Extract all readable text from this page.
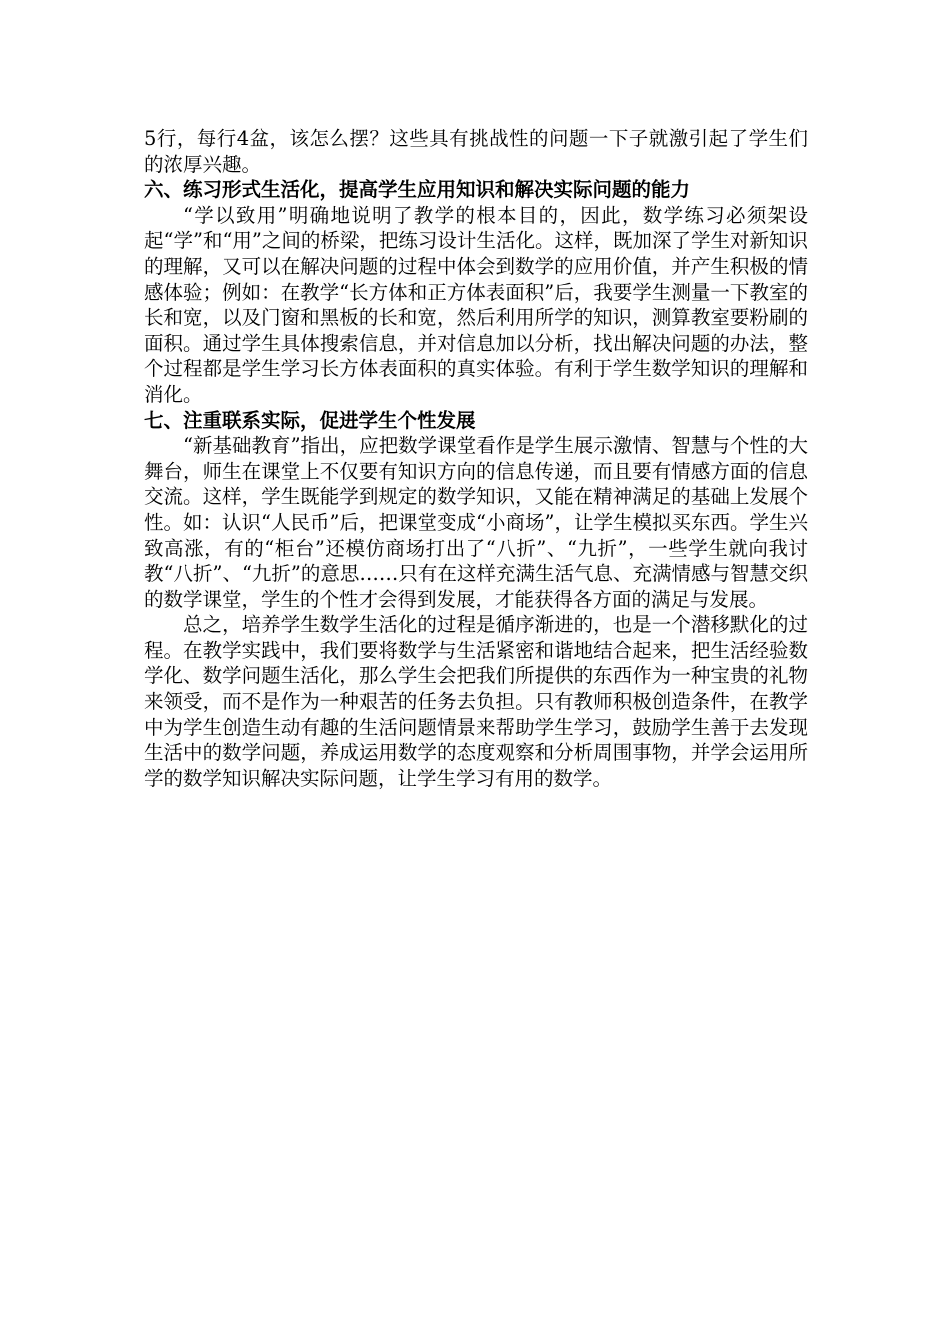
5行，每行4盆，该怎么摆？这些具有挑战性的问题一下子就激引起了学生们的浓厚兴趣。

六、练习形式生活化，提高学生应用知识和解决实际问题的能力

“学以致用”明确地说明了教学的根本目的，因此，数学练习必须架设起“学”和“用”之间的桥梁，把练习设计生活化。这样，既加深了学生对新知识的理解，又可以在解决问题的过程中体会到数学的应用价值，并产生积极的情感体验；例如：在教学“长方体和正方体表面积”后，我要学生测量一下教室的长和宽，以及门窗和黑板的长和宽，然后利用所学的知识，测算教室要粉刷的面积。通过学生具体搜索信息，并对信息加以分析，找出解决问题的办法，整个过程都是学生学习长方体表面积的真实体验。有利于学生数学知识的理解和消化。

七、注重联系实际，促进学生个性发展

“新基础教育”指出，应把数学课堂看作是学生展示激情、智慧与个性的大舞台，师生在课堂上不仅要有知识方向的信息传递，而且要有情感方面的信息交流。这样，学生既能学到规定的数学知识，又能在精神满足的基础上发展个性。如：认识“人民币”后，把课堂变成“小商场”，让学生模拟买东西。学生兴致高涨，有的“柜台”还模仿商场打出了“八折”、“九折”，一些学生就向我讨教“八折”、“九折”的意思……只有在这样充满生活气息、充满情感与智慧交织的数学课堂，学生的个性才会得到发展，才能获得各方面的满足与发展。

总之，培养学生数学生活化的过程是循序渐进的，也是一个潜移默化的过程。在教学实践中，我们要将数学与生活紧密和谐地结合起来，把生活经验数学化、数学问题生活化，那么学生会把我们所提供的东西作为一种宝贵的礼物来领受，而不是作为一种艰苦的任务去负担。只有教师积极创造条件，在教学中为学生创造生动有趣的生活问题情景来帮助学生学习，鼓励学生善于去发现生活中的数学问题，养成运用数学的态度观察和分析周围事物，并学会运用所学的数学知识解决实际问题，让学生学习有用的数学。
